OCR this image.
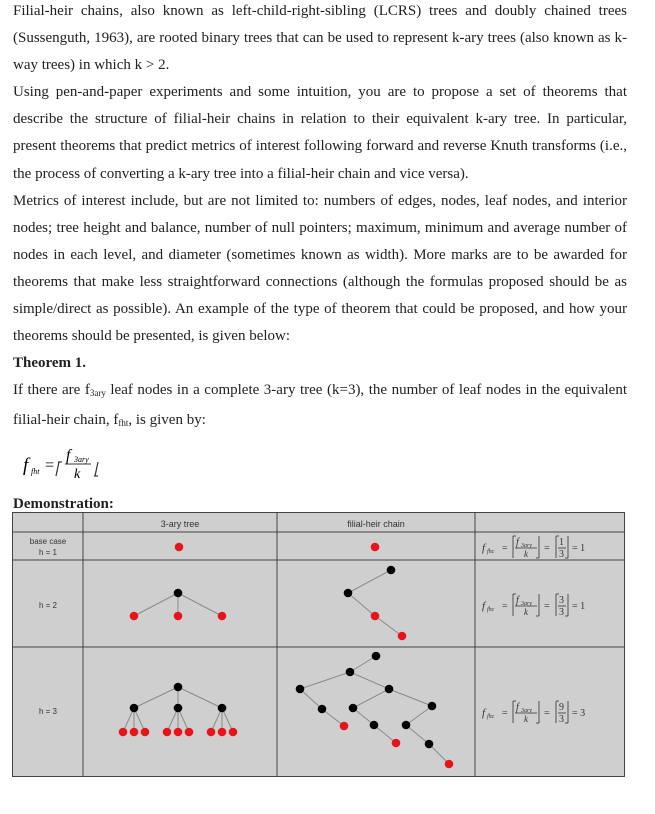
Filial-heir chains, also known as left-child-right-sibling (LCRS) trees and doubly chained trees (Sussenguth, 1963), are rooted binary trees that can be used to represent k-ary trees (also known as k-way trees) in which k > 2.

Using pen-and-paper experiments and some intuition, you are to propose a set of theorems that describe the structure of filial-heir chains in relation to their equivalent k-ary tree. In particular, present theorems that predict metrics of interest following forward and reverse Knuth transforms (i.e., the process of converting a k-ary tree into a filial-heir chain and vice versa).

Metrics of interest include, but are not limited to: numbers of edges, nodes, leaf nodes, and interior nodes; tree height and balance, number of null pointers; maximum, minimum and average number of nodes in each level, and diameter (sometimes known as width). More marks are to be awarded for theorems that make less straightforward connections (although the formulas proposed should be as simple/direct as possible). An example of the type of theorem that could be proposed, and how your theorems should be presented, is given below:

Theorem 1.

If there are $f_{3ary}$ leaf nodes in a complete 3-ary tree (k=3), the number of leaf nodes in the equivalent filial-heir chain, $f_{fht}$, is given by:

f fht =
f 3ary
k
Demonstration:
3-ary tree	filial-heir chain
base case
h = 1
h = 2
h = 3
f fhc =
f 3ary
k =
1
3
= 1
f fhc =
f 3ary
k =
3
3
= 1
f fhc =
f 3ary
k =
9
3
= 3
